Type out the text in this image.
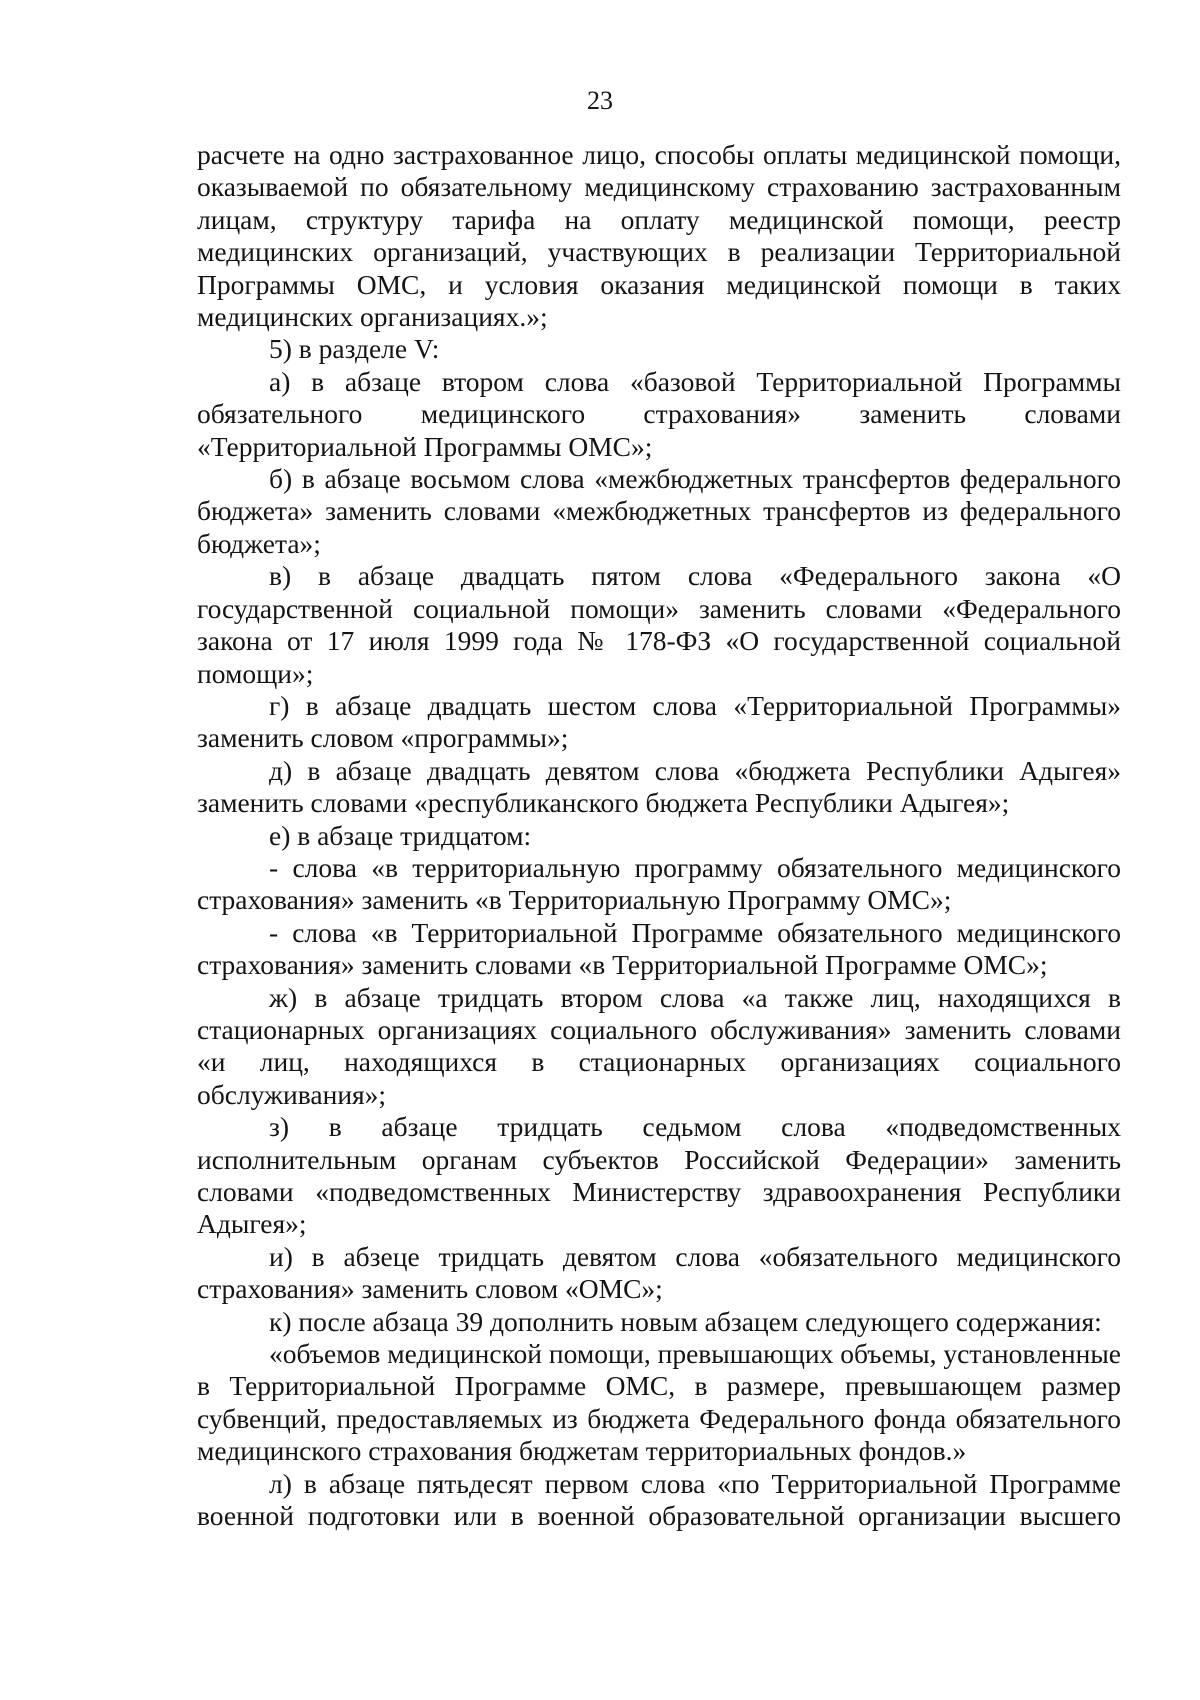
23

расчете на одно застрахованное лицо, способы оплаты медицинской помощи, оказываемой по обязательному медицинскому страхованию застрахованным лицам, структуру тарифа на оплату медицинской помощи, реестр медицинских организаций, участвующих в реализации Территориальной Программы ОМС, и условия оказания медицинской помощи в таких медицинских организациях.»;

5) в разделе V:

а) в абзаце втором слова «базовой Территориальной Программы обязательного медицинского страхования» заменить словами «Территориальной Программы ОМС»;

б) в абзаце восьмом слова «межбюджетных трансфертов федерального бюджета» заменить словами «межбюджетных трансфертов из федерального бюджета»;

в) в абзаце двадцать пятом слова «Федерального закона «О государственной социальной помощи» заменить словами «Федерального закона от 17 июля 1999 года № 178-ФЗ «О государственной социальной помощи»;

г) в абзаце двадцать шестом слова «Территориальной Программы» заменить словом «программы»;

д) в абзаце двадцать девятом слова «бюджета Республики Адыгея» заменить словами «республиканского бюджета Республики Адыгея»;

е) в абзаце тридцатом:

- слова «в территориальную программу обязательного медицинского страхования» заменить «в Территориальную Программу ОМС»;

- слова «в Территориальной Программе обязательного медицинского страхования» заменить словами «в Территориальной Программе ОМС»;

ж) в абзаце тридцать втором слова «а также лиц, находящихся в стационарных организациях социального обслуживания» заменить словами «и лиц, находящихся в стационарных организациях социального обслуживания»;

з) в абзаце тридцать седьмом слова «подведомственных исполнительным органам субъектов Российской Федерации» заменить словами «подведомственных Министерству здравоохранения Республики Адыгея»;

и) в абзеце тридцать девятом слова «обязательного медицинского страхования» заменить словом «ОМС»;

к) после абзаца 39 дополнить новым абзацем следующего содержания:

«объемов медицинской помощи, превышающих объемы, установленные в Территориальной Программе ОМС, в размере, превышающем размер субвенций, предоставляемых из бюджета Федерального фонда обязательного медицинского страхования бюджетам территориальных фондов.»

л) в абзаце пятьдесят первом слова «по Территориальной Программе военной подготовки или в военной образовательной организации высшего
